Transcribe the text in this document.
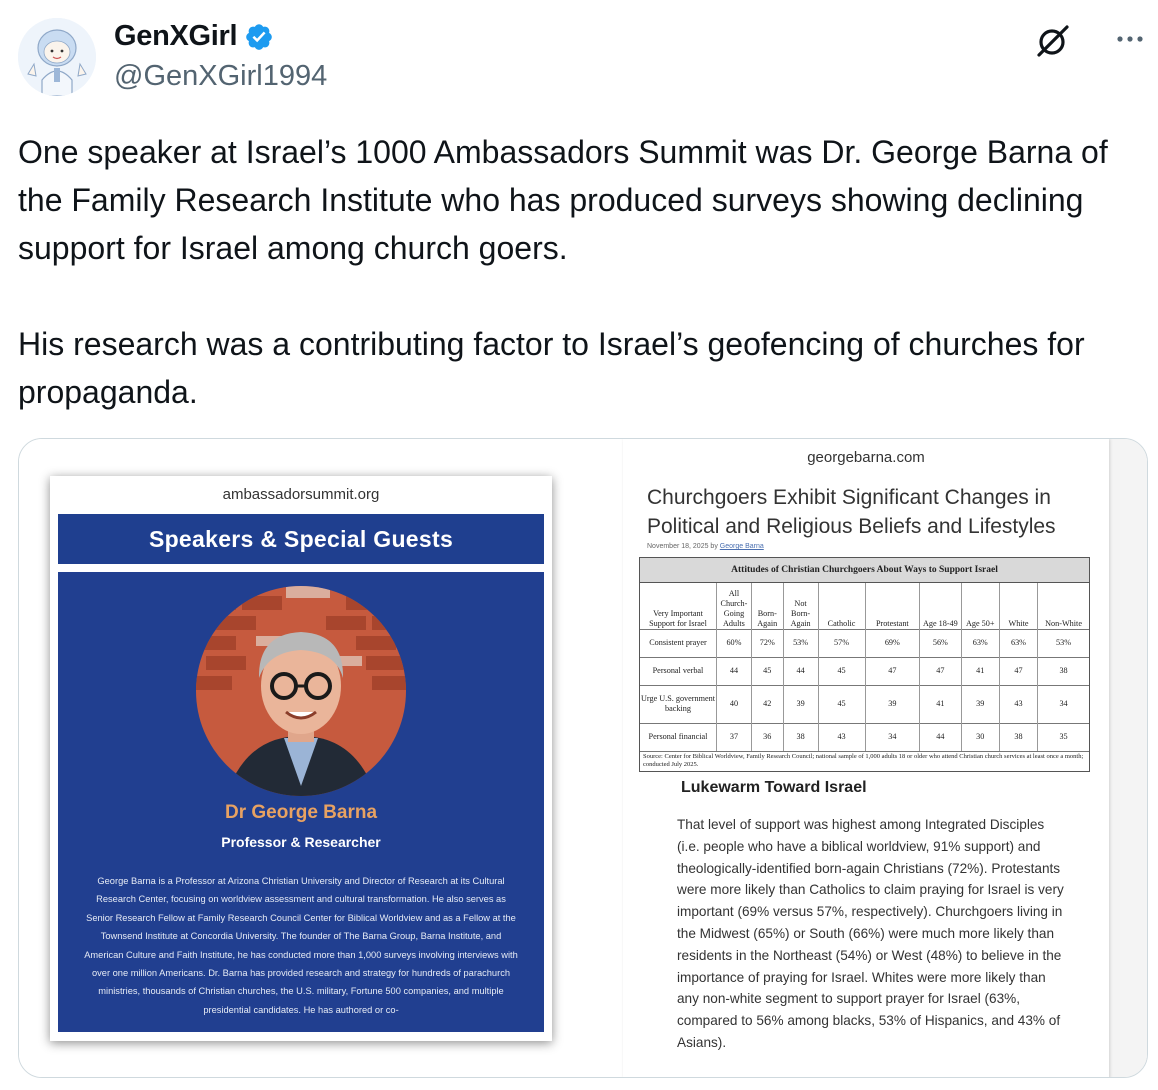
GenXGirl
@GenXGirl1994

One speaker at Israel’s 1000 Ambassadors Summit was Dr. George Barna of the Family Research Institute who has produced surveys showing declining support for Israel among church goers.

His research was a contributing factor to Israel’s geofencing of churches for propaganda.

ambassadorsummit.org
Speakers & Special Guests
Dr George Barna
Professor & Researcher
George Barna is a Professor at Arizona Christian University and Director of Research at its Cultural Research Center, focusing on worldview assessment and cultural transformation. He also serves as Senior Research Fellow at Family Research Council Center for Biblical Worldview and as a Fellow at the Townsend Institute at Concordia University. The founder of The Barna Group, Barna Institute, and American Culture and Faith Institute, he has conducted more than 1,000 surveys involving interviews with over one million Americans. Dr. Barna has provided research and strategy for hundreds of parachurch ministries, thousands of Christian churches, the U.S. military, Fortune 500 companies, and multiple presidential candidates. He has authored or co-
georgebarna.com
Churchgoers Exhibit Significant Changes in Political and Religious Beliefs and Lifestyles
November 18, 2025 by George Barna
Attitudes of Christian Churchgoers About Ways to Support Israel
Very Important Support for Israel	All Church-Going Adults	Born-Again	Not Born-Again	Catholic	Protestant	Age 18-49	Age 50+	White	Non-White
Consistent prayer	60%	72%	53%	57%	69%	56%	63%	63%	53%
Personal verbal	44	45	44	45	47	47	41	47	38
Urge U.S. government backing	40	42	39	45	39	41	39	43	34
Personal financial	37	36	38	43	34	44	30	38	35
Source: Center for Biblical Worldview, Family Research Council; national sample of 1,000 adults 18 or older who attend Christian church services at least once a month; conducted July 2025.
Lukewarm Toward Israel
That level of support was highest among Integrated Disciples (i.e. people who have a biblical worldview, 91% support) and theologically-identified born-again Christians (72%). Protestants were more likely than Catholics to claim praying for Israel is very important (69% versus 57%, respectively). Churchgoers living in the Midwest (65%) or South (66%) were much more likely than residents in the Northeast (54%) or West (48%) to believe in the importance of praying for Israel. Whites were more likely than any non-white segment to support prayer for Israel (63%, compared to 56% among blacks, 53% of Hispanics, and 43% of Asians).
